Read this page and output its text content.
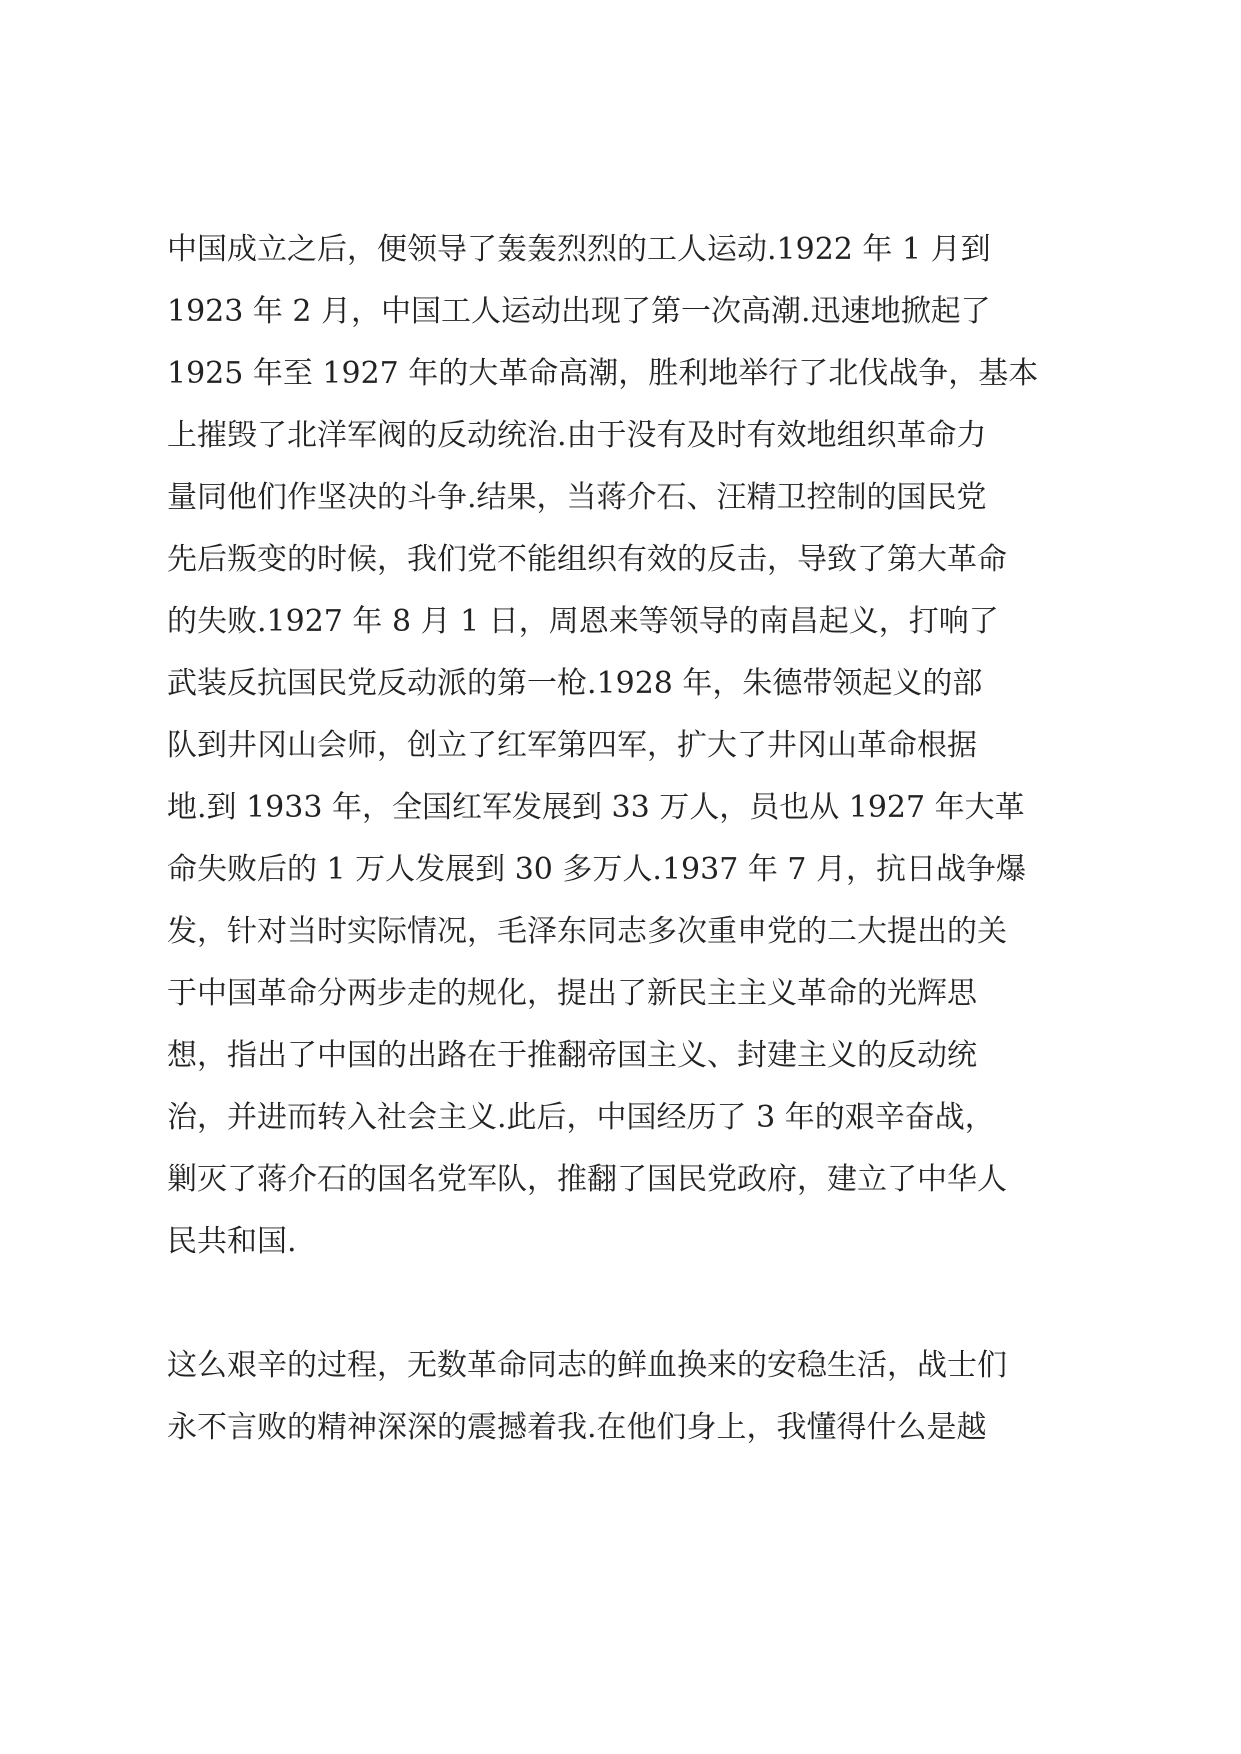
中国成立之后，便领导了轰轰烈烈的工人运动.1922 年 1 月到

1923 年 2 月，中国工人运动出现了第一次高潮.迅速地掀起了

1925 年至 1927 年的大革命高潮，胜利地举行了北伐战争，基本

上摧毁了北洋军阀的反动统治.由于没有及时有效地组织革命力

量同他们作坚决的斗争.结果，当蒋介石、汪精卫控制的国民党

先后叛变的时候，我们党不能组织有效的反击，导致了第大革命

的失败.1927 年 8 月 1 日，周恩来等领导的南昌起义，打响了

武装反抗国民党反动派的第一枪.1928 年，朱德带领起义的部

队到井冈山会师，创立了红军第四军，扩大了井冈山革命根据

地.到 1933 年，全国红军发展到 33 万人，员也从 1927 年大革

命失败后的 1 万人发展到 30 多万人.1937 年 7 月，抗日战争爆

发，针对当时实际情况，毛泽东同志多次重申党的二大提出的关

于中国革命分两步走的规化，提出了新民主主义革命的光辉思

想，指出了中国的出路在于推翻帝国主义、封建主义的反动统

治，并进而转入社会主义.此后，中国经历了 3 年的艰辛奋战，

剿灭了蒋介石的国名党军队，推翻了国民党政府，建立了中华人

民共和国.

这么艰辛的过程，无数革命同志的鲜血换来的安稳生活，战士们

永不言败的精神深深的震撼着我.在他们身上，我懂得什么是越
